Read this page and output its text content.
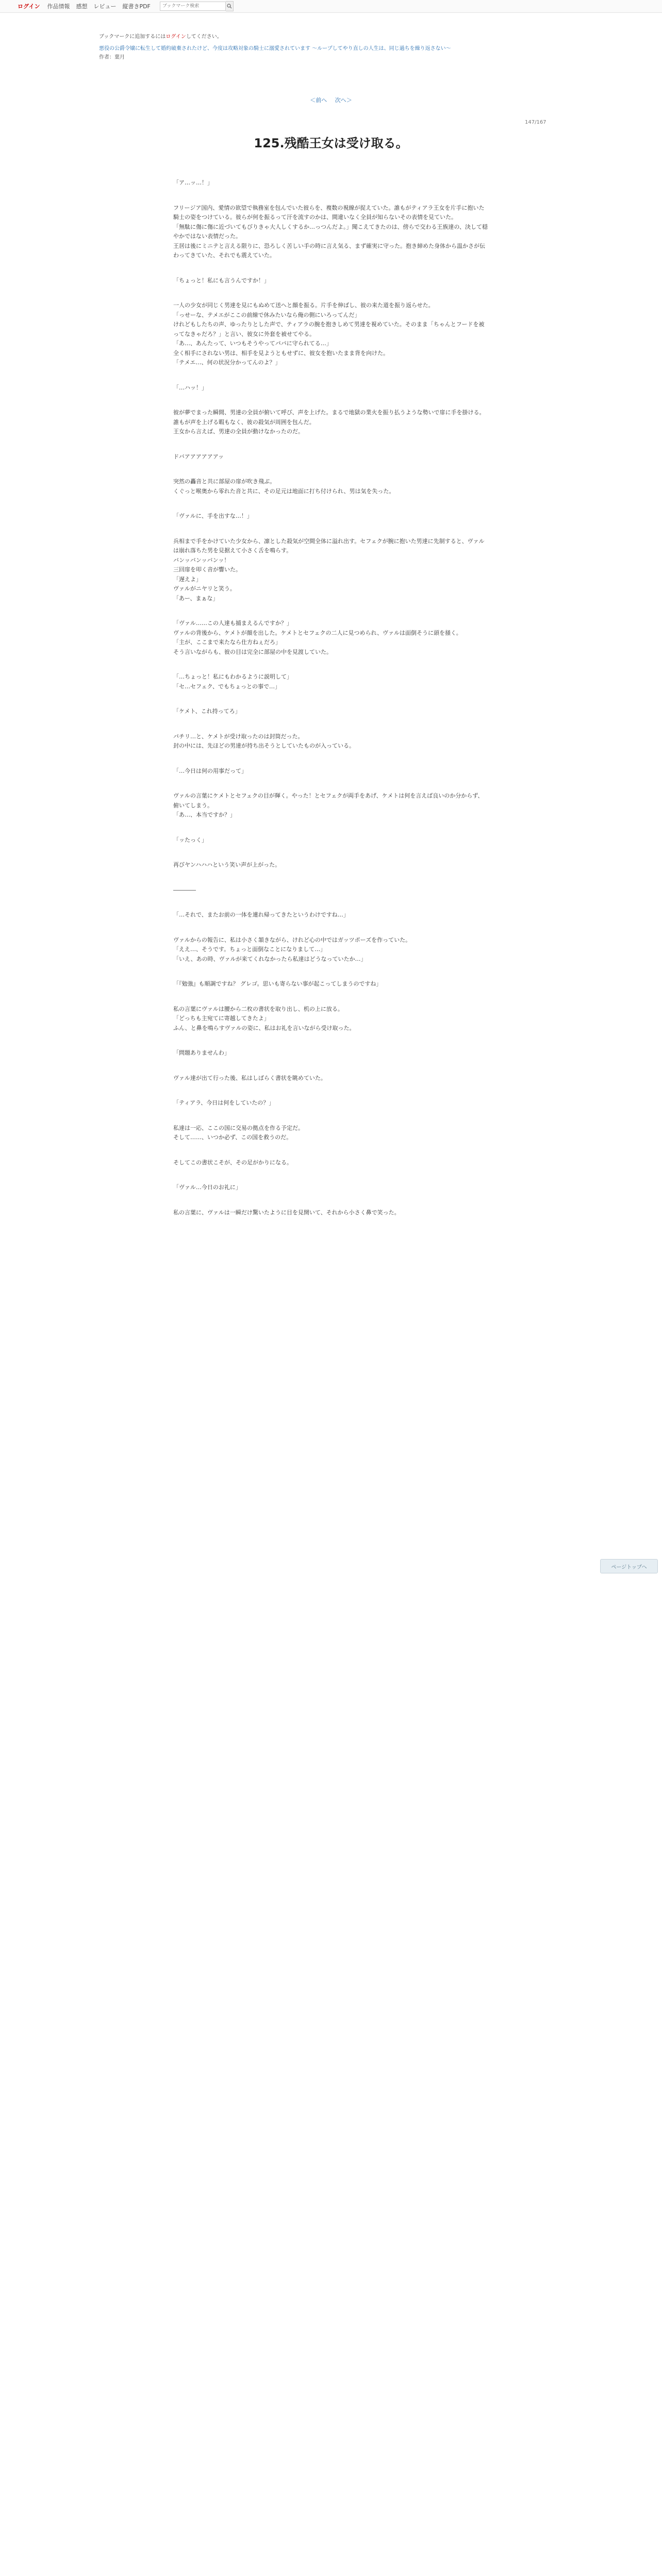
ログイン 作品情報 感想 レビュー 縦書きPDF
ブックマーク検索
ブックマークに追加するにはログインしてください。
悪役の公爵令嬢に転生して婚約破棄されたけど、今度は攻略対象の騎士に溺愛されています ～ループしてやり直しの人生は、同じ過ちを繰り返さない～
作者：葉月
＜前へ 次へ＞
147/167
125.残酷王女は受け取る。

「ア…ッ…！」

フリージア国内、愛情の欲望で執務室を包んでいた彼らを、複数の視線が捉えていた。誰もがティアラ王女を片手に抱いた騎士の姿をつけている。彼らが何を振るって汗を流すのかは、間違いなく全員が知らないその表情を見ていた。

「無駄に傷に傷に近づいてもびりきゃ大人しくするか…っつんだよ。」聞こえてきたのは、傍らで交わる王族達の、決して穏やかではない表情だった。

王居は後にミニテと言える限りに、恐ろしく苦しい手の時に言え気る、まず確実に守った。抱き締めた身体から温かさが伝わってきていた、それでも震えていた。

「ちょっと！私にも言うんですか！」

一人の少女が同じく男達を見にもぬめて送へと顔を振る。片手を伸ばし、彼の来た道を振り返らせた。

「っせーな、テメエがここの前線で休みたいなら俺の側にいろってんだ」

けれどもしたちの声、ゆったりとした声で、ティアラの腕を抱きしめて男達を視めていた。そのまま「ちゃんとフードを被ってなきゃだろ？」と言い、彼女に外套を被せてやる。

「あ…、あんたって、いつもそうやってパパに守られてる…」

全く相手にされない男は、相手を見ようともせずに、彼女を抱いたまま背を向けた。

「テメエ…、何の状況分かってんのよ？」

「…ハッ！」

彼が夢でまった瞬間、男達の全員が俯いて呼び、声を上げた。まるで地獄の業火を振り払うような勢いで扉に手を掛ける。誰もが声を上げる暇もなく、彼の殺気が周囲を包んだ。

王女から言えば、男達の全員が動けなかったのだ。

ドバアアアアアアッ

突然の轟音と共に部屋の扉が吹き飛ぶ。

くぐっと喉奥から零れた音と共に、その足元は地面に打ち付けられ、男は気を失った。

「ヴァルに、手を出すな…！」

兵相まで手をかけていた少女から、凛とした殺気が空間全体に溢れ出す。セフェクが腕に抱いた男達に先制すると、ヴァルは崩れ落ちた男を見据えて小さく舌を鳴らす。

バンッバンッバンッ！

三回扉を叩く音が響いた。

「遅えよ」

ヴァルがニヤリと笑う。

「あー、まぁな」

「ヴァル……この人達も捕まえるんですか？」

ヴァルの背後から、ケメトが顔を出した。ケメトとセフェクの二人に見つめられ、ヴァルは面倒そうに頭を掻く。

「主が、ここまで来たなら仕方ねぇだろ」

そう言いながらも、彼の目は完全に部屋の中を見渡していた。

「…ちょっと！私にもわかるように説明して」

「セ…セフェク、でもちょっとの事で…」

「ケメト、これ持ってろ」

パチリ…と、ケメトが受け取ったのは封筒だった。

封の中には、先ほどの男達が持ち出そうとしていたものが入っている。

「…今日は何の用事だって」

ヴァルの言葉にケメトとセフェクの目が輝く。やった！とセフェクが両手をあげ、ケメトは何を言えば良いのか分からず、俯いてしまう。

「あ…、本当ですか？」

「ッたっく」

再びヤンハハハという笑い声が上がった。

――――

「…それで、またお前の一体を連れ帰ってきたというわけですね…」

ヴァルからの報告に、私は小さく頷きながら、けれど心の中ではガッツポーズを作っていた。

「ええ…、そうです。ちょっと面倒なことになりまして…」

「いえ、あの時、ヴァルが来てくれなかったら私達はどうなっていたか…」

「『勉強』も順調ですね？ グレゴ。思いも寄らない事が起こってしまうのですね」

私の言葉にヴァルは腰から二枚の書状を取り出し、机の上に放る。

「どっちも主宛てに寄越してきたよ」

ふん、と鼻を鳴らすヴァルの姿に、私はお礼を言いながら受け取った。

「問題ありませんわ」

ヴァル達が出て行った後、私はしばらく書状を眺めていた。

「ティアラ、今日は何をしていたの？」

私達は一応、ここの国に交易の拠点を作る予定だ。

そして……、いつか必ず、この国を救うのだ。

そしてこの書状こそが、その足がかりになる。

「ヴァル…今日のお礼に」

私の言葉に、ヴァルは一瞬だけ驚いたように目を見開いて、それから小さく鼻で笑った。

ページトップへ
